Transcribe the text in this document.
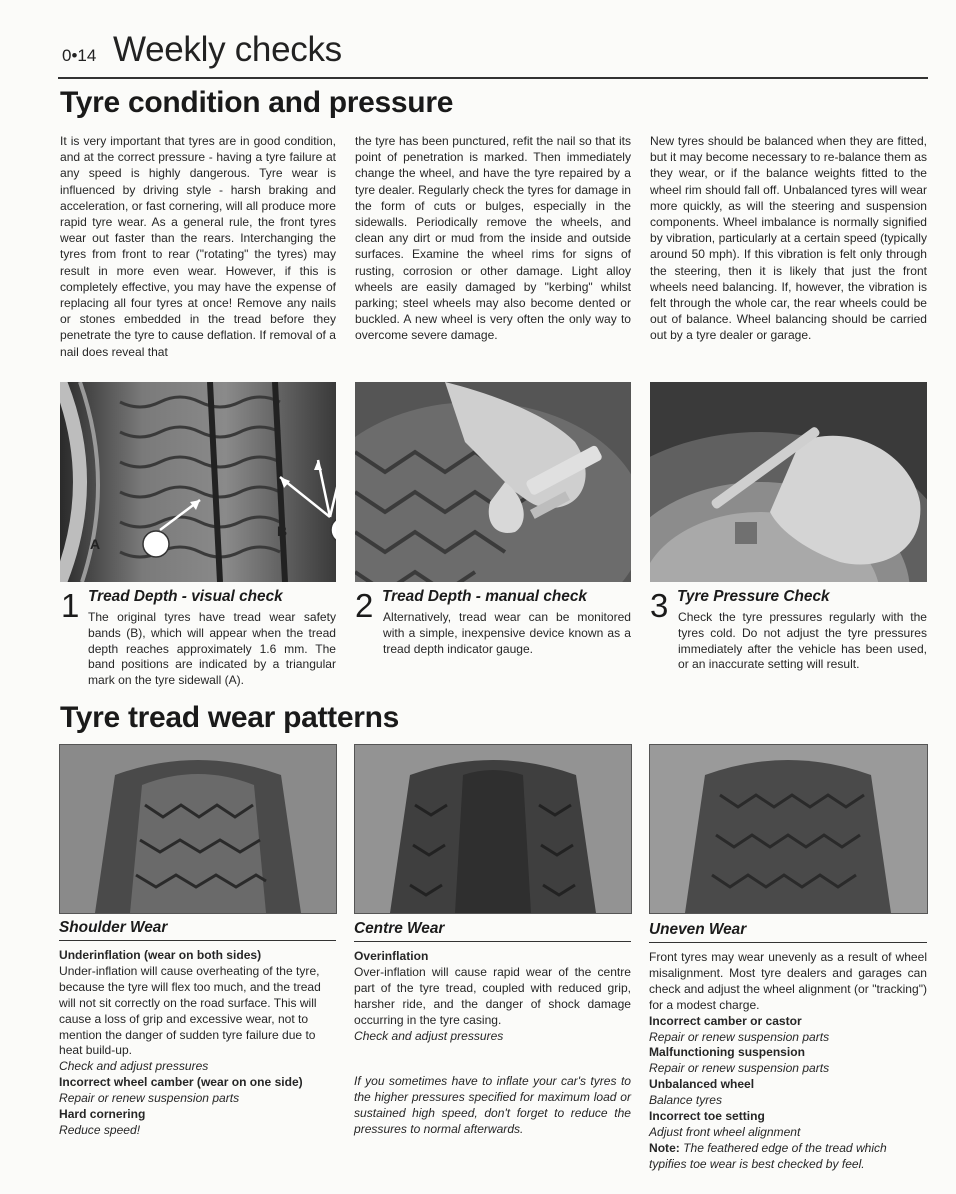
0•14 Weekly checks
Tyre condition and pressure

It is very important that tyres are in good condition, and at the correct pressure - having a tyre failure at any speed is highly dangerous. Tyre wear is influenced by driving style - harsh braking and acceleration, or fast cornering, will all produce more rapid tyre wear. As a general rule, the front tyres wear out faster than the rears. Interchanging the tyres from front to rear ("rotating" the tyres) may result in more even wear. However, if this is completely effective, you may have the expense of replacing all four tyres at once! Remove any nails or stones embedded in the tread before they penetrate the tyre to cause deflation. If removal of a nail does reveal that

the tyre has been punctured, refit the nail so that its point of penetration is marked. Then immediately change the wheel, and have the tyre repaired by a tyre dealer. Regularly check the tyres for damage in the form of cuts or bulges, especially in the sidewalls. Periodically remove the wheels, and clean any dirt or mud from the inside and outside surfaces. Examine the wheel rims for signs of rusting, corrosion or other damage. Light alloy wheels are easily damaged by "kerbing" whilst parking; steel wheels may also become dented or buckled. A new wheel is very often the only way to overcome severe damage.

New tyres should be balanced when they are fitted, but it may become necessary to re-balance them as they wear, or if the balance weights fitted to the wheel rim should fall off. Unbalanced tyres will wear more quickly, as will the steering and suspension components. Wheel imbalance is normally signified by vibration, particularly at a certain speed (typically around 50 mph). If this vibration is felt only through the steering, then it is likely that just the front wheels need balancing. If, however, the vibration is felt through the whole car, the rear wheels could be out of balance. Wheel balancing should be carried out by a tyre dealer or garage.

A
B
1 Tread Depth - visual check
The original tyres have tread wear safety bands (B), which will appear when the tread depth reaches approximately 1.6 mm. The band positions are indicated by a triangular mark on the tyre sidewall (A).
2 Tread Depth - manual check
Alternatively, tread wear can be monitored with a simple, inexpensive device known as a tread depth indicator gauge.
3 Tyre Pressure Check
Check the tyre pressures regularly with the tyres cold. Do not adjust the tyre pressures immediately after the vehicle has been used, or an inaccurate setting will result.
Tyre tread wear patterns
Shoulder Wear	Centre Wear	Uneven Wear
Underinflation (wear on both sides)
Under-inflation will cause overheating of the tyre, because the tyre will flex too much, and the tread will not sit correctly on the road surface. This will cause a loss of grip and excessive wear, not to mention the danger of sudden tyre failure due to heat build-up.
Check and adjust pressures
Incorrect wheel camber (wear on one side)
Repair or renew suspension parts
Hard cornering
Reduce speed!
Overinflation
Over-inflation will cause rapid wear of the centre part of the tyre tread, coupled with reduced grip, harsher ride, and the danger of shock damage occurring in the tyre casing.
Check and adjust pressures
If you sometimes have to inflate your car's tyres to the higher pressures specified for maximum load or sustained high speed, don't forget to reduce the pressures to normal afterwards.
Front tyres may wear unevenly as a result of wheel misalignment. Most tyre dealers and garages can check and adjust the wheel alignment (or "tracking") for a modest charge.
Incorrect camber or castor
Repair or renew suspension parts
Malfunctioning suspension
Repair or renew suspension parts
Unbalanced wheel
Balance tyres
Incorrect toe setting
Adjust front wheel alignment
Note: The feathered edge of the tread which typifies toe wear is best checked by feel.
